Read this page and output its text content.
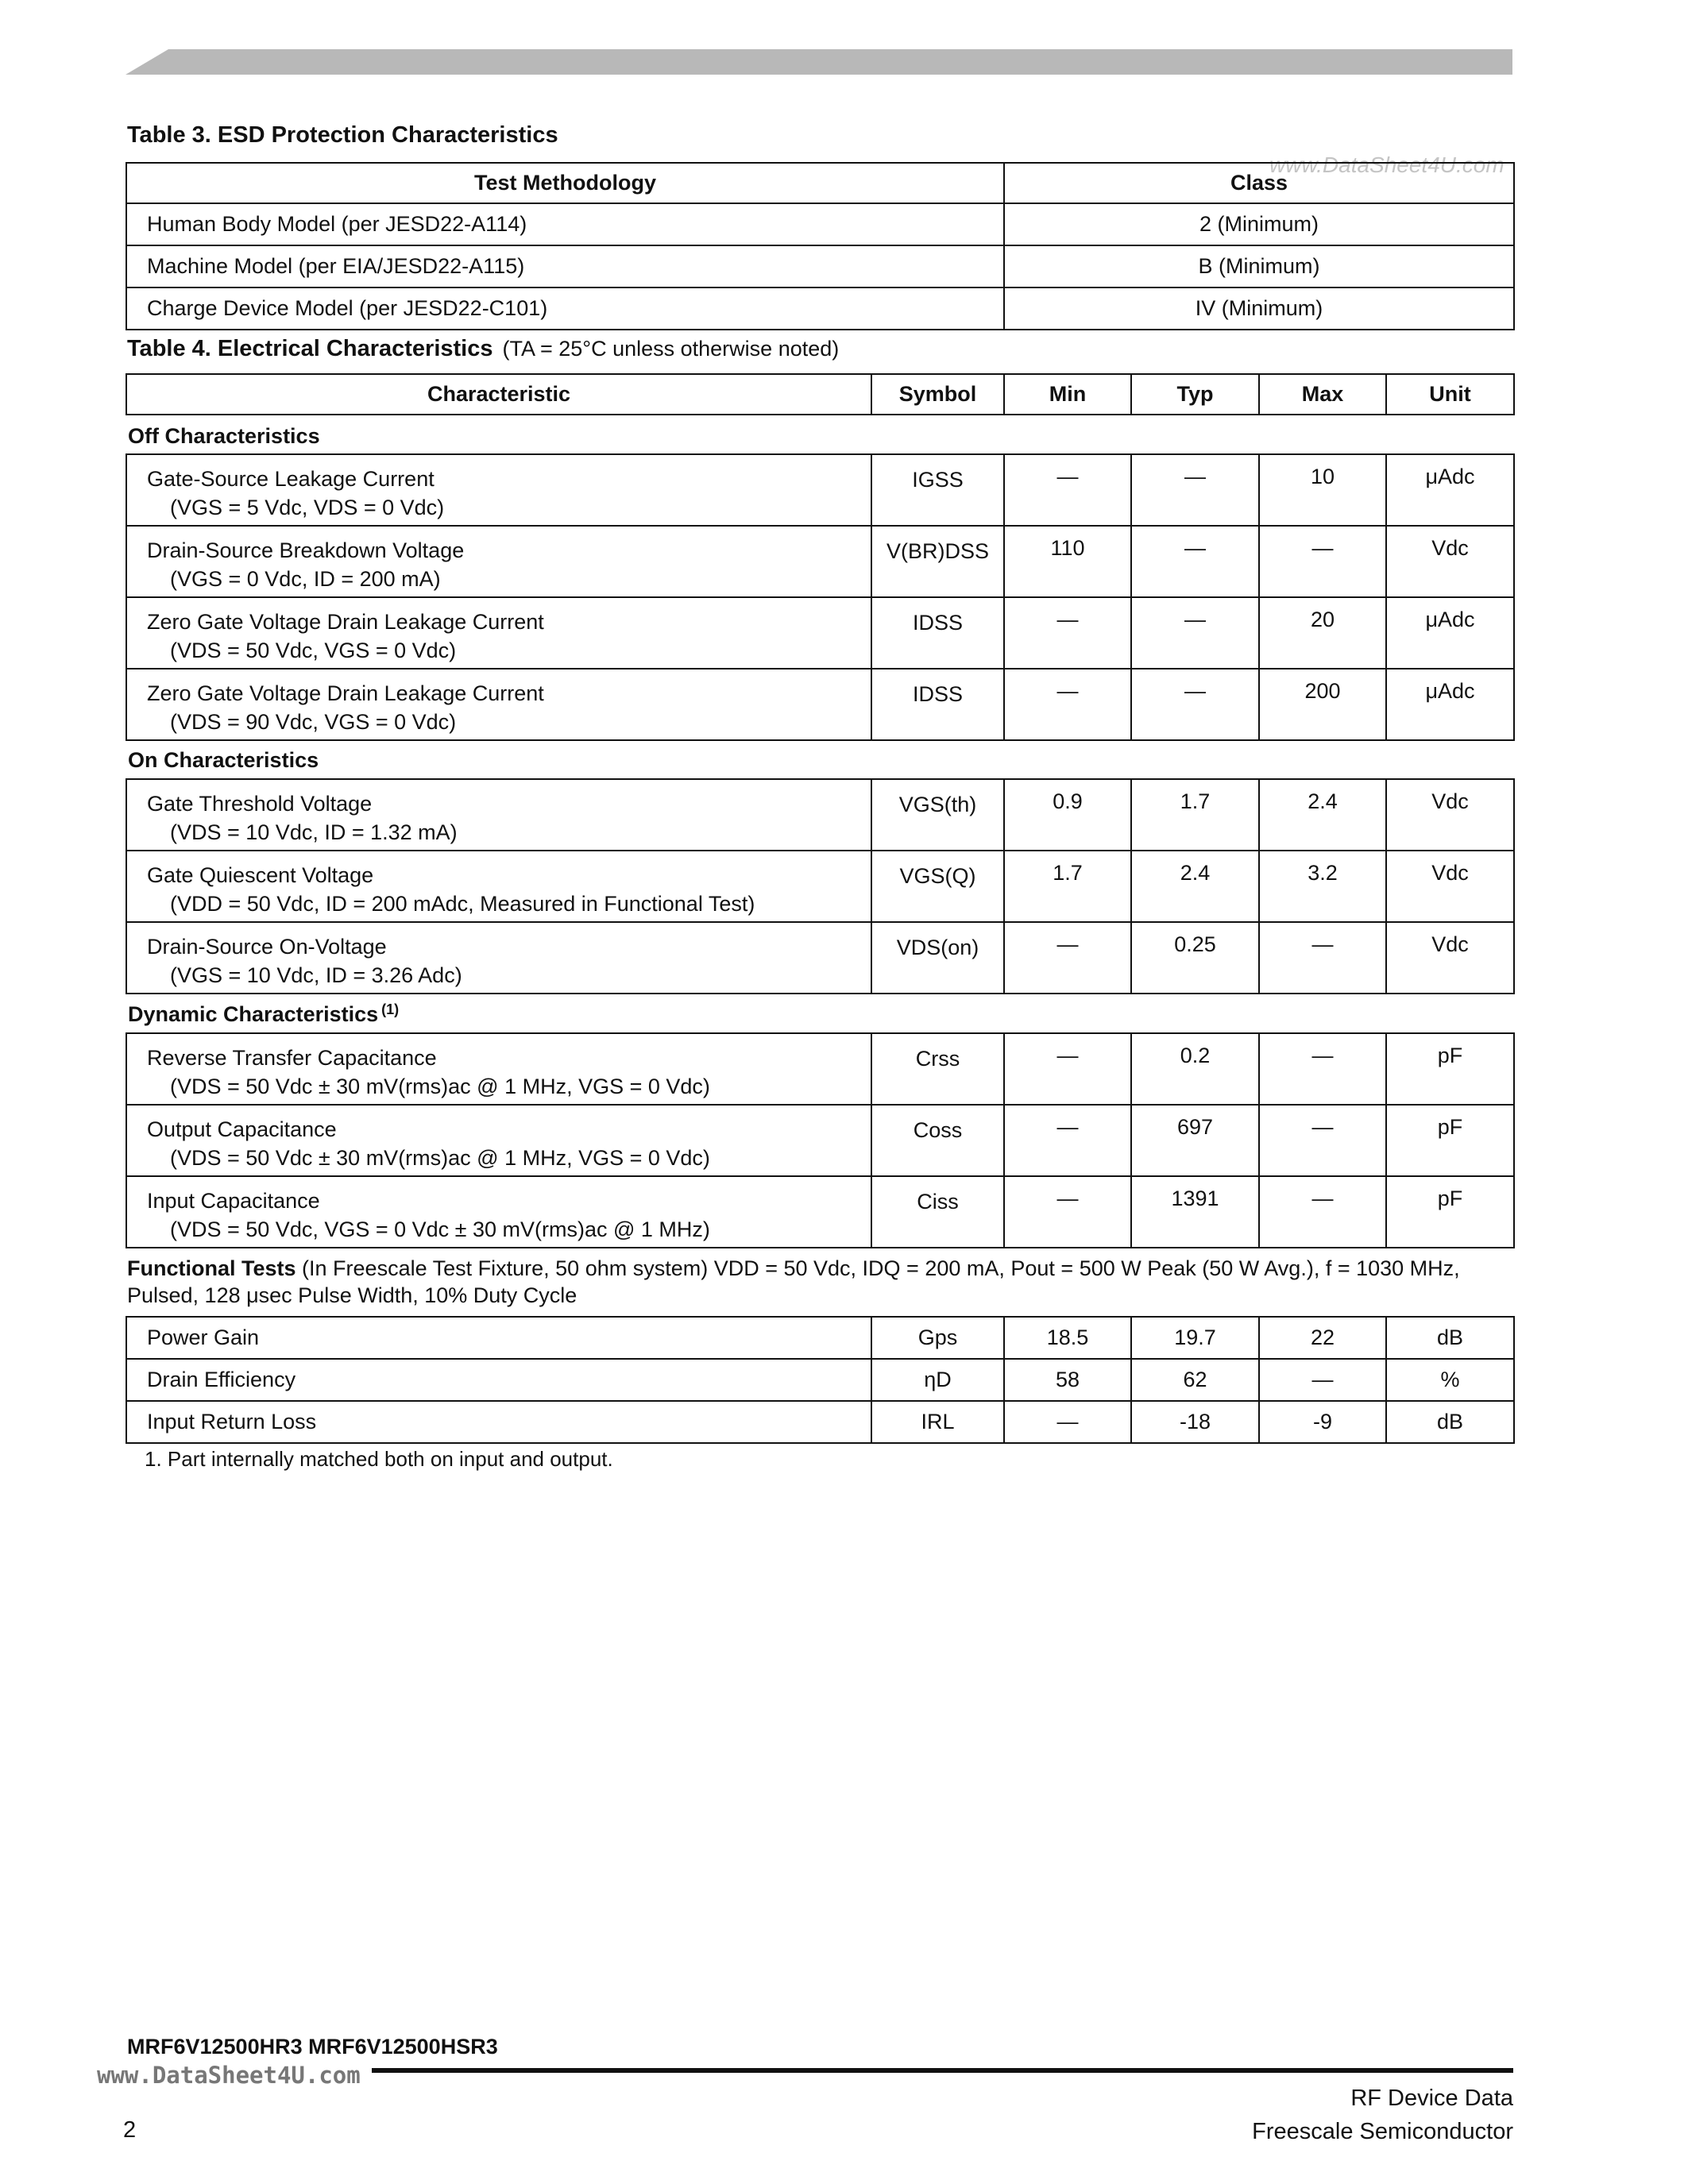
www.DataSheet4U.com
Table 3. ESD Protection Characteristics
Test Methodology	Class
Human Body Model (per JESD22‑A114)	2 (Minimum)
Machine Model (per EIA/JESD22‑A115)	B (Minimum)
Charge Device Model (per JESD22‑C101)	IV (Minimum)
Table 4. Electrical Characteristics (TA = 25°C unless otherwise noted)
Characteristic	Symbol	Min	Typ	Max	Unit
Off Characteristics
Gate‑Source Leakage Current
(VGS = 5 Vdc, VDS = 0 Vdc)	IGSS	—	—	10	μAdc
Drain‑Source Breakdown Voltage
(VGS = 0 Vdc, ID = 200 mA)	V(BR)DSS	110	—	—	Vdc
Zero Gate Voltage Drain Leakage Current
(VDS = 50 Vdc, VGS = 0 Vdc)	IDSS	—	—	20	μAdc
Zero Gate Voltage Drain Leakage Current
(VDS = 90 Vdc, VGS = 0 Vdc)	IDSS	—	—	200	μAdc
On Characteristics
Gate Threshold Voltage
(VDS = 10 Vdc, ID = 1.32 mA)	VGS(th)	0.9	1.7	2.4	Vdc
Gate Quiescent Voltage
(VDD = 50 Vdc, ID = 200 mAdc, Measured in Functional Test)	VGS(Q)	1.7	2.4	3.2	Vdc
Drain‑Source On‑Voltage
(VGS = 10 Vdc, ID = 3.26 Adc)	VDS(on)	—	0.25	—	Vdc
Dynamic Characteristics $^{(1)}$
Reverse Transfer Capacitance
(VDS = 50 Vdc ± 30 mV(rms)ac @ 1 MHz, VGS = 0 Vdc)	Crss	—	0.2	—	pF
Output Capacitance
(VDS = 50 Vdc ± 30 mV(rms)ac @ 1 MHz, VGS = 0 Vdc)	Coss	—	697	—	pF
Input Capacitance
(VDS = 50 Vdc, VGS = 0 Vdc ± 30 mV(rms)ac @ 1 MHz)	Ciss	—	1391	—	pF
Functional Tests (In Freescale Test Fixture, 50 ohm system) VDD = 50 Vdc, IDQ = 200 mA, Pout = 500 W Peak (50 W Avg.), f = 1030 MHz, Pulsed, 128 μsec Pulse Width, 10% Duty Cycle
Power Gain	Gps	18.5	19.7	22	dB
Drain Efficiency	ηD	58	62	—	%
Input Return Loss	IRL	—	-18	-9	dB
1. Part internally matched both on input and output.
MRF6V12500HR3 MRF6V12500HSR3
www.DataSheet4U.com
RF Device Data
Freescale Semiconductor
2
